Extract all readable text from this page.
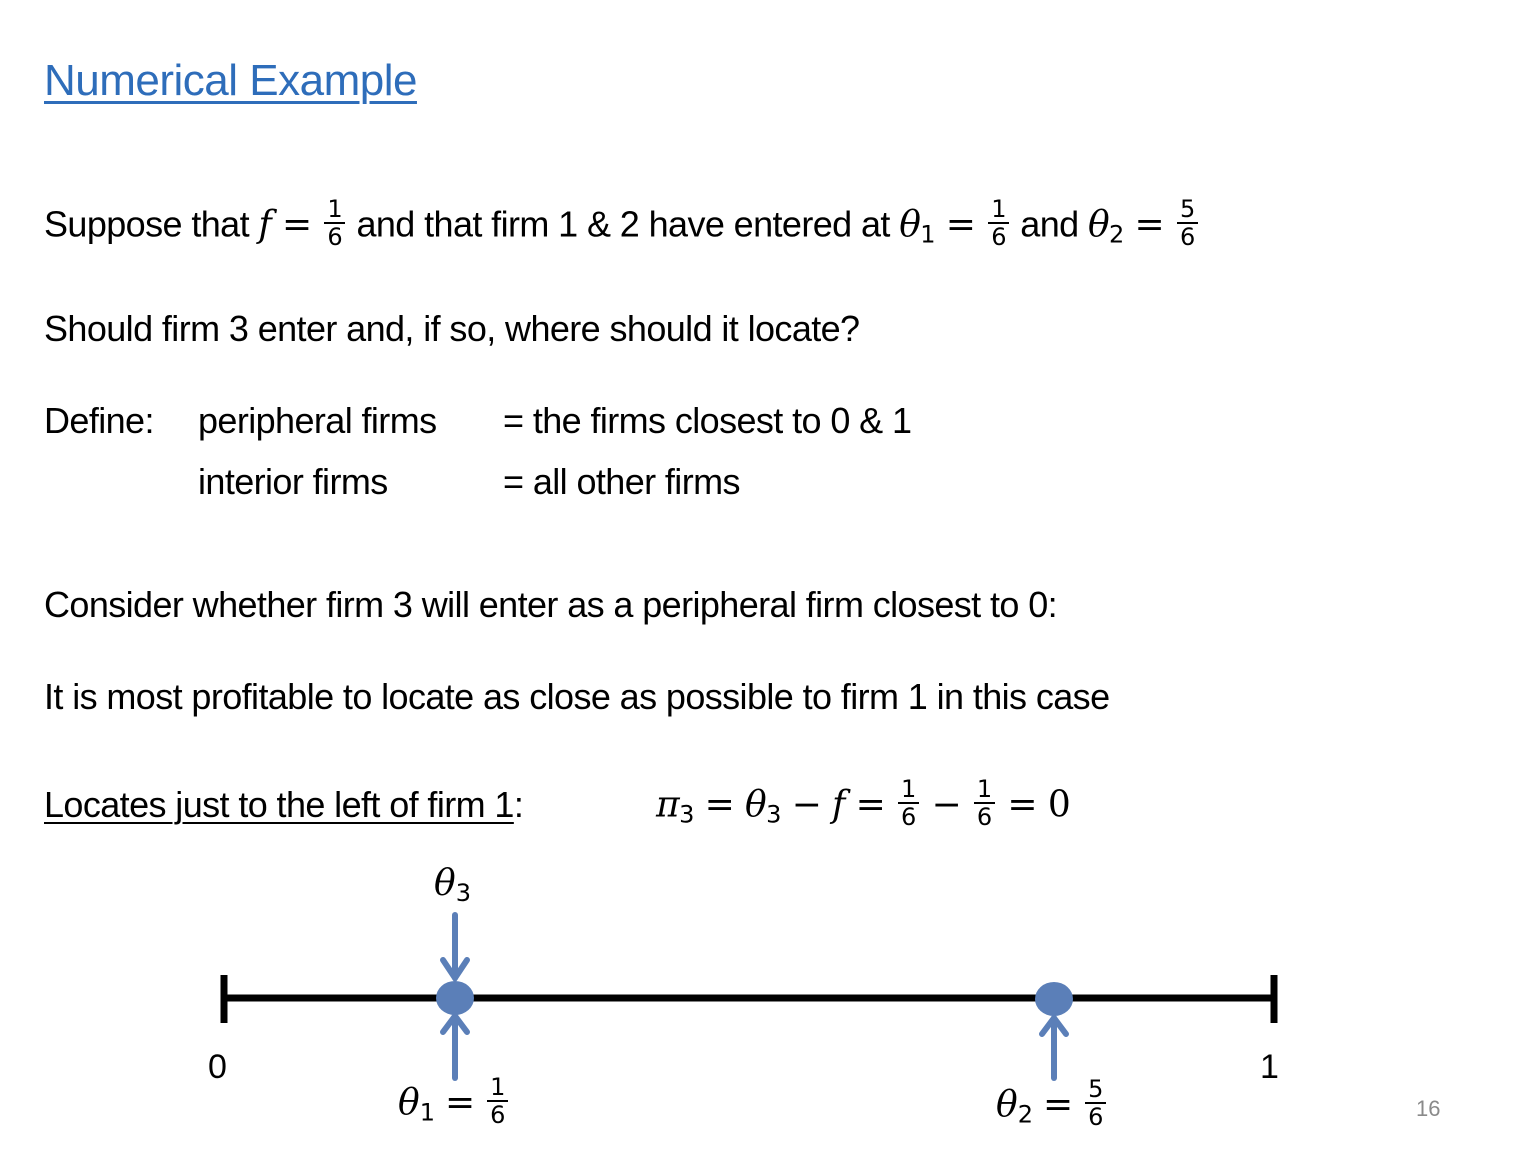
Numerical Example
Suppose that $f = \frac{1}{6}$ and that firm 1 & 2 have entered at $\theta_1 = \frac{1}{6}$ and $\theta_2 = \frac{5}{6}$
Should firm 3 enter and, if so, where should it locate?
Define: peripheral firms = the firms closest to 0 & 1
interior firms	= all other firms
Consider whether firm 3 will enter as a peripheral firm closest to 0:
It is most profitable to locate as close as possible to firm 1 in this case
Locates just to the left of firm 1:	$\pi_3 = \theta_3 - f = \frac{1}{6} - \frac{1}{6} = 0$
0	1
$\theta_3$
$\theta_1 = \frac{1}{6}$	$\theta_2 = \frac{5}{6}$	16
